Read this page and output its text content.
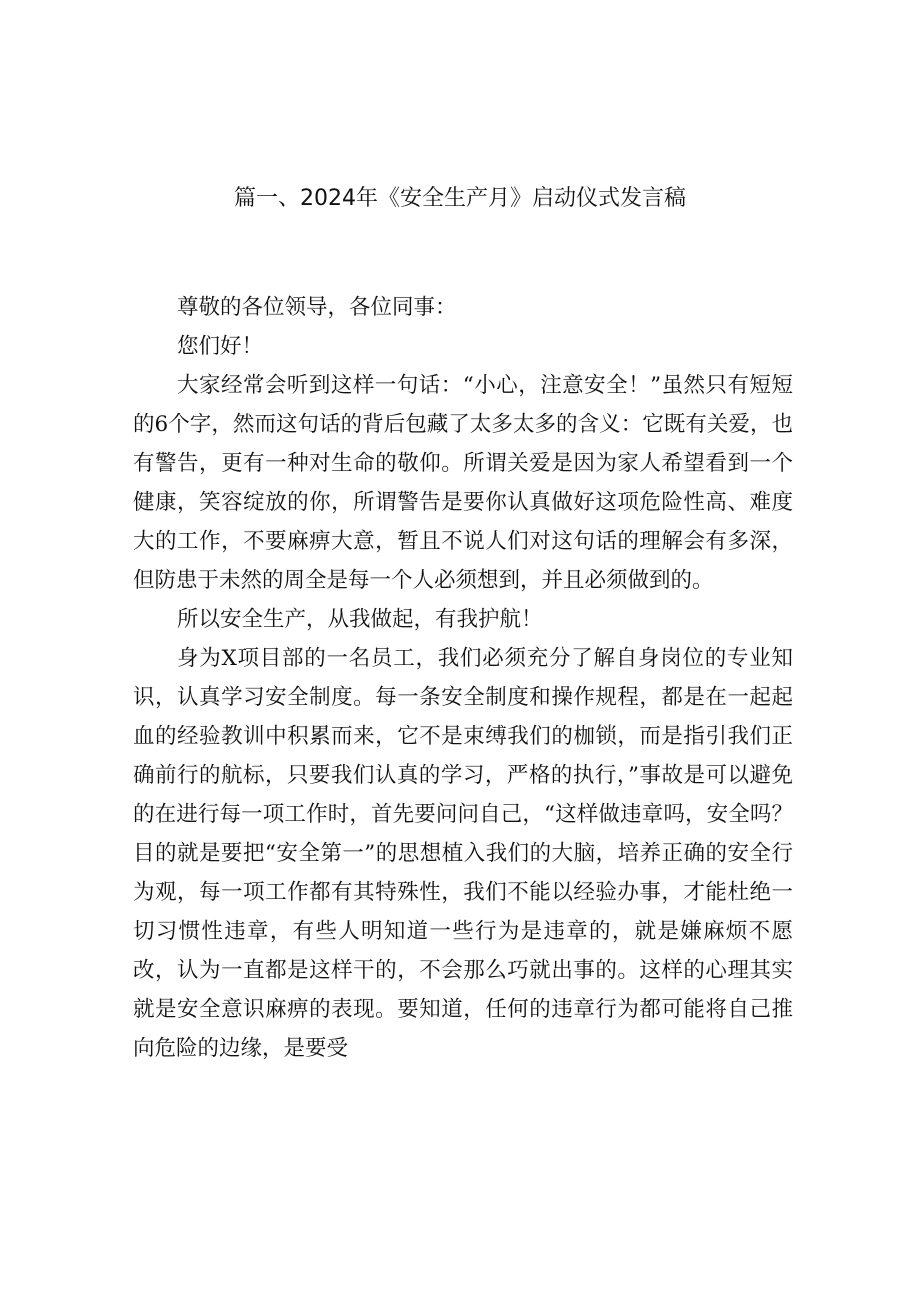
篇一、2024年《安全生产月》启动仪式发言稿

尊敬的各位领导，各位同事：

您们好！

大家经常会听到这样一句话：“小心，注意安全！”虽然只有短短的6个字，然而这句话的背后包藏了太多太多的含义：它既有关爱，也有警告，更有一种对生命的敬仰。所谓关爱是因为家人希望看到一个健康，笑容绽放的你，所谓警告是要你认真做好这项危险性高、难度大的工作，不要麻痹大意，暂且不说人们对这句话的理解会有多深，但防患于未然的周全是每一个人必须想到，并且必须做到的。

所以安全生产，从我做起，有我护航！

身为X项目部的一名员工，我们必须充分了解自身岗位的专业知识，认真学习安全制度。每一条安全制度和操作规程，都是在一起起血的经验教训中积累而来，它不是束缚我们的枷锁，而是指引我们正确前行的航标，只要我们认真的学习，严格的执行，”事故是可以避免的在进行每一项工作时，首先要问问自己，“这样做违章吗，安全吗？目的就是要把“安全第一”的思想植入我们的大脑，培养正确的安全行为观，每一项工作都有其特殊性，我们不能以经验办事，才能杜绝一切习惯性违章，有些人明知道一些行为是违章的，就是嫌麻烦不愿改，认为一直都是这样干的，不会那么巧就出事的。这样的心理其实就是安全意识麻痹的表现。要知道，任何的违章行为都可能将自己推向危险的边缘，是要受
